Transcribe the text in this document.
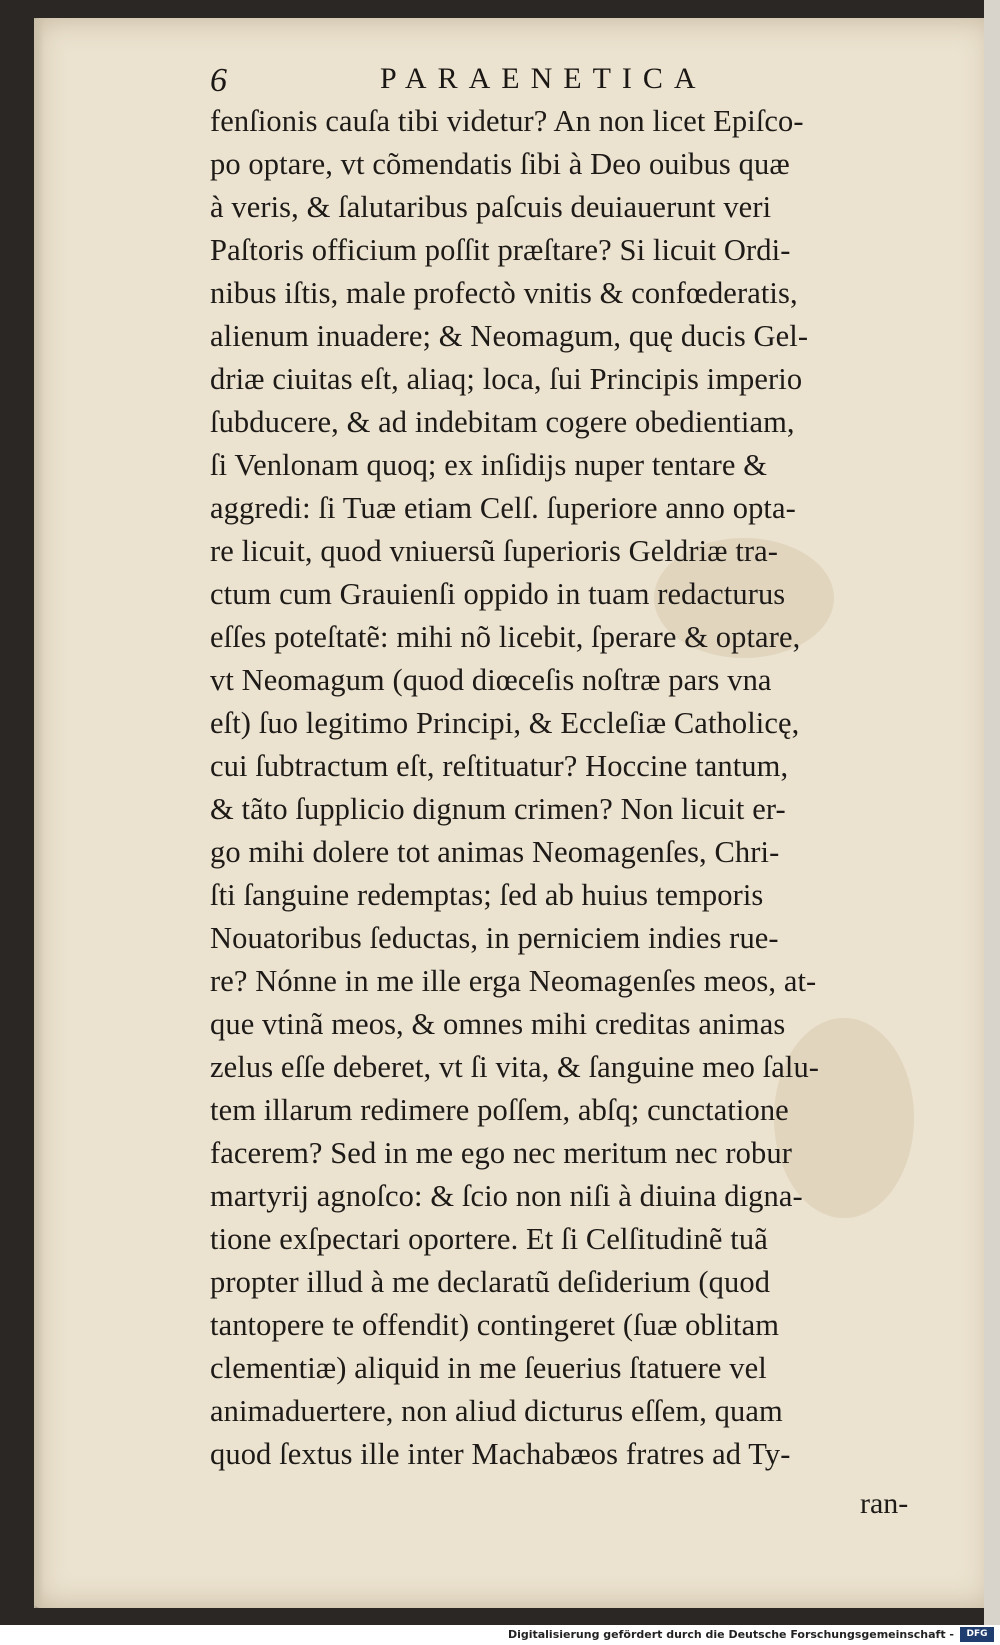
6	PARAENETICA
fenſionis cauſa tibi videtur? An non licet Epiſco-
po optare, vt cõmendatis ſibi à Deo ouibus quæ
à veris, & ſalutaribus paſcuis deuiauerunt veri
Paſtoris officium poſſit præſtare? Si licuit Ordi-
nibus iſtis, male profectò vnitis & confœderatis,
alienum inuadere; & Neomagum, quę ducis Gel-
driæ ciuitas eſt, aliaq; loca, ſui Principis imperio
ſubducere, & ad indebitam cogere obedientiam,
ſi Venlonam quoq; ex inſidijs nuper tentare &
aggredi: ſi Tuæ etiam Celſ. ſuperiore anno opta-
re licuit, quod vniuersũ ſuperioris Geldriæ tra-
ctum cum Grauienſi oppido in tuam redacturus
eſſes poteſtatẽ: mihi nõ licebit, ſperare & optare,
vt Neomagum (quod diœceſis noſtræ pars vna
eſt) ſuo legitimo Principi, & Eccleſiæ Catholicę,
cui ſubtractum eſt, reſtituatur? Hoccine tantum,
& tãto ſupplicio dignum crimen? Non licuit er-
go mihi dolere tot animas Neomagenſes, Chri-
ſti ſanguine redemptas; ſed ab huius temporis
Nouatoribus ſeductas, in perniciem indies rue-
re? Nónne in me ille erga Neomagenſes meos, at-
que vtinã meos, & omnes mihi creditas animas
zelus eſſe deberet, vt ſi vita, & ſanguine meo ſalu-
tem illarum redimere poſſem, abſq; cunctatione
facerem? Sed in me ego nec meritum nec robur
martyrij agnoſco: & ſcio non niſi à diuina digna-
tione exſpectari oportere. Et ſi Celſitudinẽ tuã
propter illud à me declaratũ deſiderium (quod
tantopere te offendit) contingeret (ſuæ oblitam
clementiæ) aliquid in me ſeuerius ſtatuere vel
animaduertere, non aliud dicturus eſſem, quam
quod ſextus ille inter Machabæos fratres ad Ty-
ran-
Digitalisierung gefördert durch die Deutsche Forschungsgemeinschaft -	DFG
